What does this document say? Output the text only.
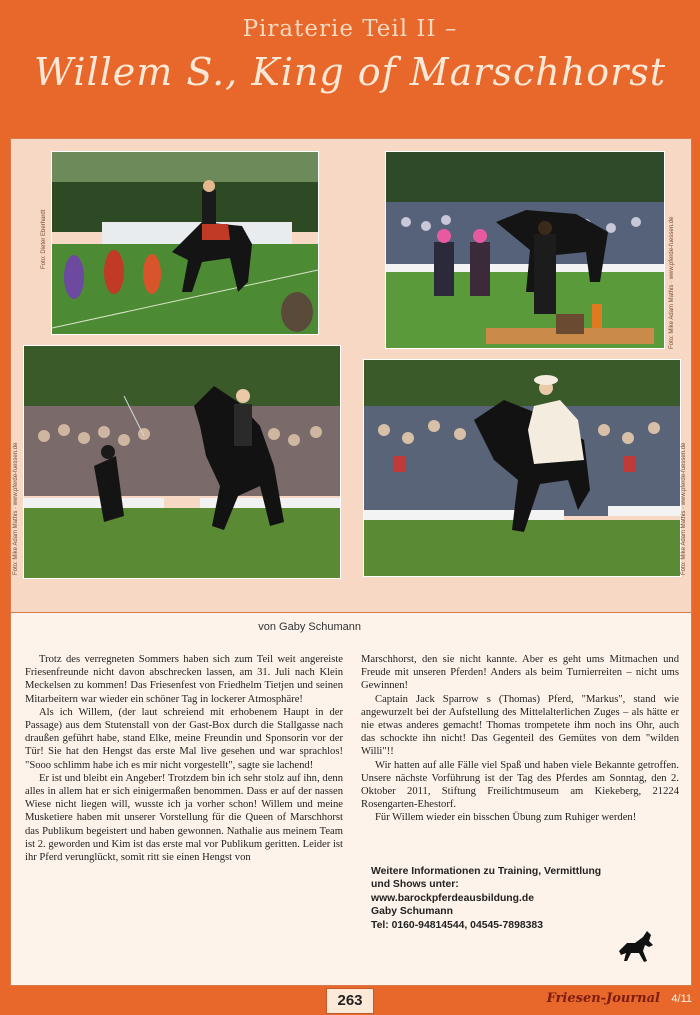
Piraterie Teil II –
Willem S., King of Marschhorst
Foto: Dieter Eberhardt	Foto: Mike Adam Mathis · www.pferde-fuessen.de
Foto: Mike Adam Mathis · www.pferde-fuessen.de	Foto: Mike Adam Mathis · www.pferde-fuessen.de
von Gaby Schumann

Trotz des verregneten Sommers haben sich zum Teil weit angereiste Friesenfreunde nicht davon abschrecken lassen, am 31. Juli nach Klein Meckelsen zu kommen! Das Friesenfest von Friedhelm Tietjen und seinen Mitarbeitern war wieder ein schöner Tag in lockerer Atmosphäre!

Als ich Willem, (der laut schreiend mit erhobenem Haupt in der Passage) aus dem Stutenstall von der Gast-Box durch die Stallgasse nach draußen geführt habe, stand Elke, meine Freundin und Sponsorin vor der Tür! Sie hat den Hengst das erste Mal live gesehen und war sprachlos! "Sooo schlimm habe ich es mir nicht vorgestellt", sagte sie lachend!

Er ist und bleibt ein Angeber! Trotzdem bin ich sehr stolz auf ihn, denn alles in allem hat er sich einigermaßen benommen. Dass er auf der nassen Wiese nicht liegen will, wusste ich ja vorher schon! Willem und meine Musketiere haben mit unserer Vorstellung für die Queen of Marschhorst das Publikum begeistert und haben gewonnen. Nathalie aus meinem Team ist 2. geworden und Kim ist das erste mal vor Publikum geritten. Leider ist ihr Pferd verunglückt, somit ritt sie einen Hengst von

Marschhorst, den sie nicht kannte. Aber es geht ums Mitmachen und Freude mit unseren Pferden! Anders als beim Turnierreiten – nicht ums Gewinnen!

Captain Jack Sparrow s (Thomas) Pferd, "Markus", stand wie angewurzelt bei der Aufstellung des Mittelalterlichen Zuges – als hätte er nie etwas anderes gemacht! Thomas trompetete ihm noch ins Ohr, auch das schockte ihn nicht! Das Gegenteil des Gemütes von dem "wilden Willi"!!

Wir hatten auf alle Fälle viel Spaß und haben viele Bekannte getroffen. Unsere nächste Vorführung ist der Tag des Pferdes am Sonntag, den 2. Oktober 2011, Stiftung Freilichtmuseum am Kiekeberg, 21224 Rosengarten-Ehestorf.

Für Willem wieder ein bisschen Übung zum Ruhiger werden!

Weitere Informationen zu Training, Vermittlung
und Shows unter:
www.barockpferdeausbildung.de
Gaby Schumann
Tel: 0160-94814544, 04545-7898383
263	Friesen-Journal 4/11
